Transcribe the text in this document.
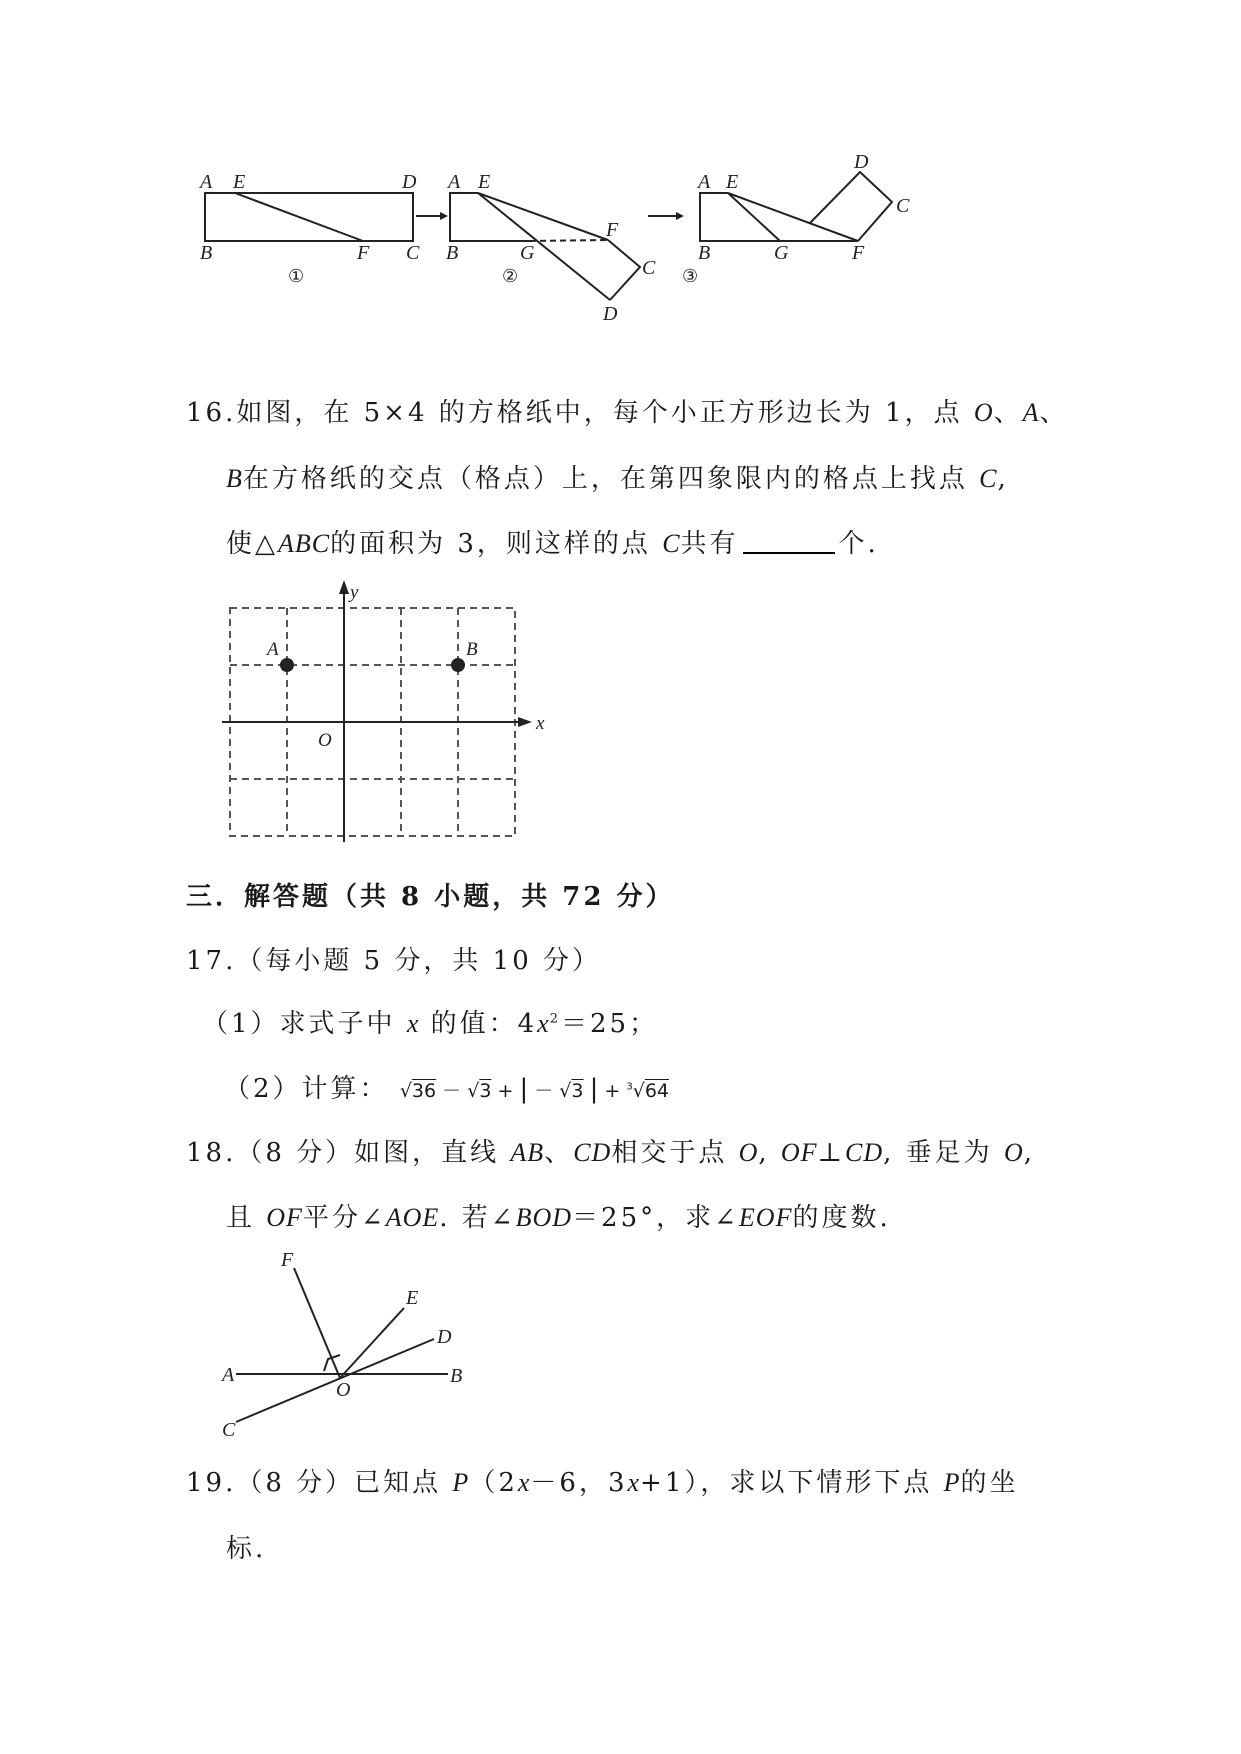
A E	D
B	F C
①
A E
F
B	G
C
D
②
A E
D
C
B	G	F
③
16.如图，在 5×4 的方格纸中，每个小正方形边长为 1，点 O、A、
B在方格纸的交点（格点）上，在第四象限内的格点上找点 C,
使△ABC的面积为 3，则这样的点 C共有	个.
y
x
A	B
O
三．解答题（共 8 小题，共 72 分）
17.（每小题 5 分，共 10 分）
（1）求式子中 x 的值：$4x^2=25$；
（2）计算： √36 － √3 + | － √3 | + $^3$√64
18.（8 分）如图，直线 AB、CD相交于点 O, OF⊥CD, 垂足为 O,
且 OF平分∠AOE. 若∠BOD＝25°，求∠EOF的度数.
F
E
D
A
O
B
C
19.（8 分）已知点 P（2x－6，3x+1），求以下情形下点 P的坐
标.
